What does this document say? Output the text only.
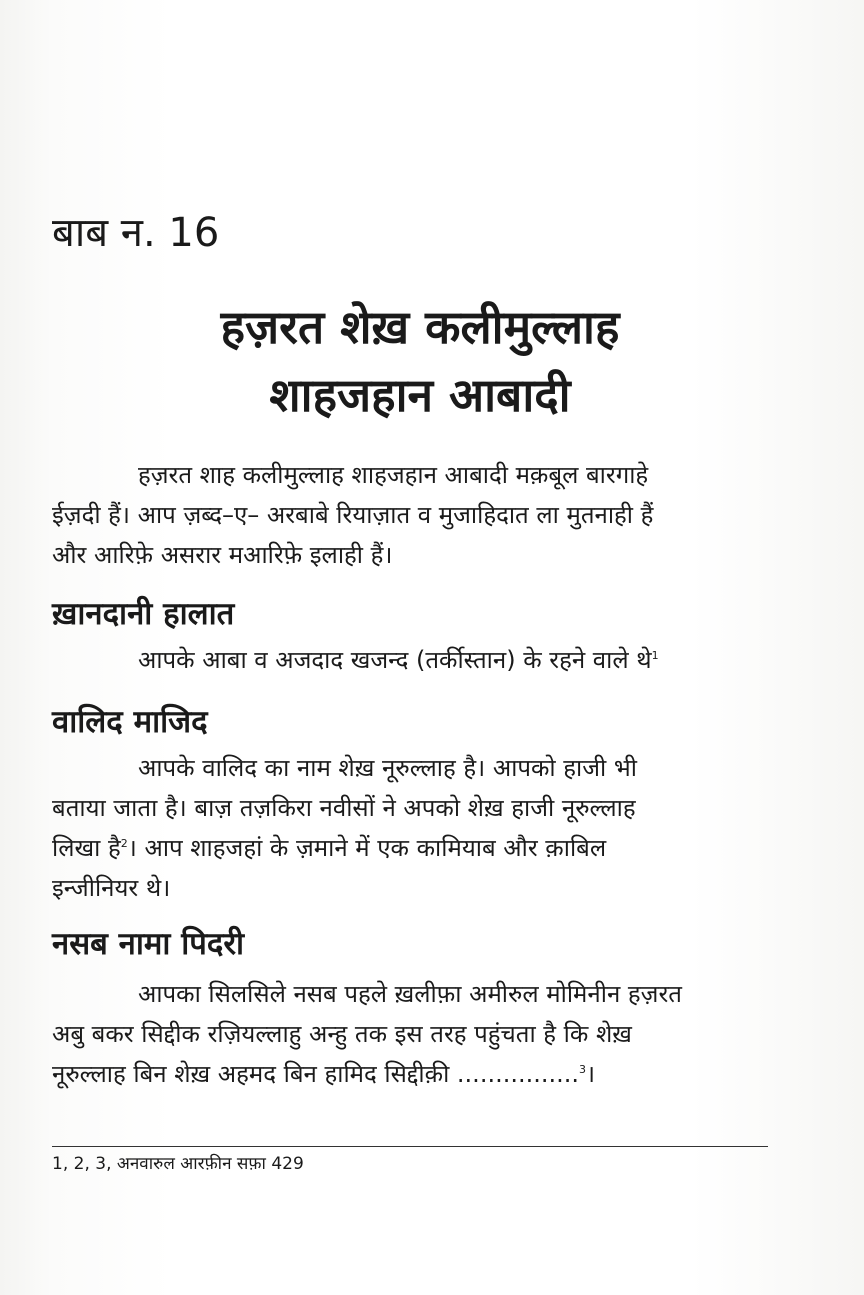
बाब न. 16
हज़रत शेख़ कलीमुल्लाह
शाहजहान आबादी
हज़रत शाह कलीमुल्लाह शाहजहान आबादी मक़बूल बारगाहे
ईज़दी हैं। आप ज़ब्द–ए– अरबाबे रियाज़ात व मुजाहिदात ला मुतनाही हैं
और आरिफ़े असरार मआरिफ़े इलाही हैं।
ख़ानदानी हालात
आपके आबा व अजदाद खजन्द (तर्कीस्तान) के रहने वाले थे$^1$
वालिद माजिद
आपके वालिद का नाम शेख़ नूरुल्लाह है। आपको हाजी भी
बताया जाता है। बाज़ तज़किरा नवीसों ने अपको शेख़ हाजी नूरुल्लाह
लिखा है$^2$। आप शाहजहां के ज़माने में एक कामियाब और क़ाबिल
इन्जीनियर थे।
नसब नामा पिदरी
आपका सिलसिले नसब पहले ख़लीफ़ा अमीरुल मोमिनीन हज़रत
अबु बकर सिद्दीक रज़ियल्लाहु अन्हु तक इस तरह पहुंचता है कि शेख़
नूरुल्लाह बिन शेख़ अहमद बिन हामिद सिद्दीक़ी ................$^3$।
1, 2, 3, अनवारुल आरफ़ीन सफ़ा 429
